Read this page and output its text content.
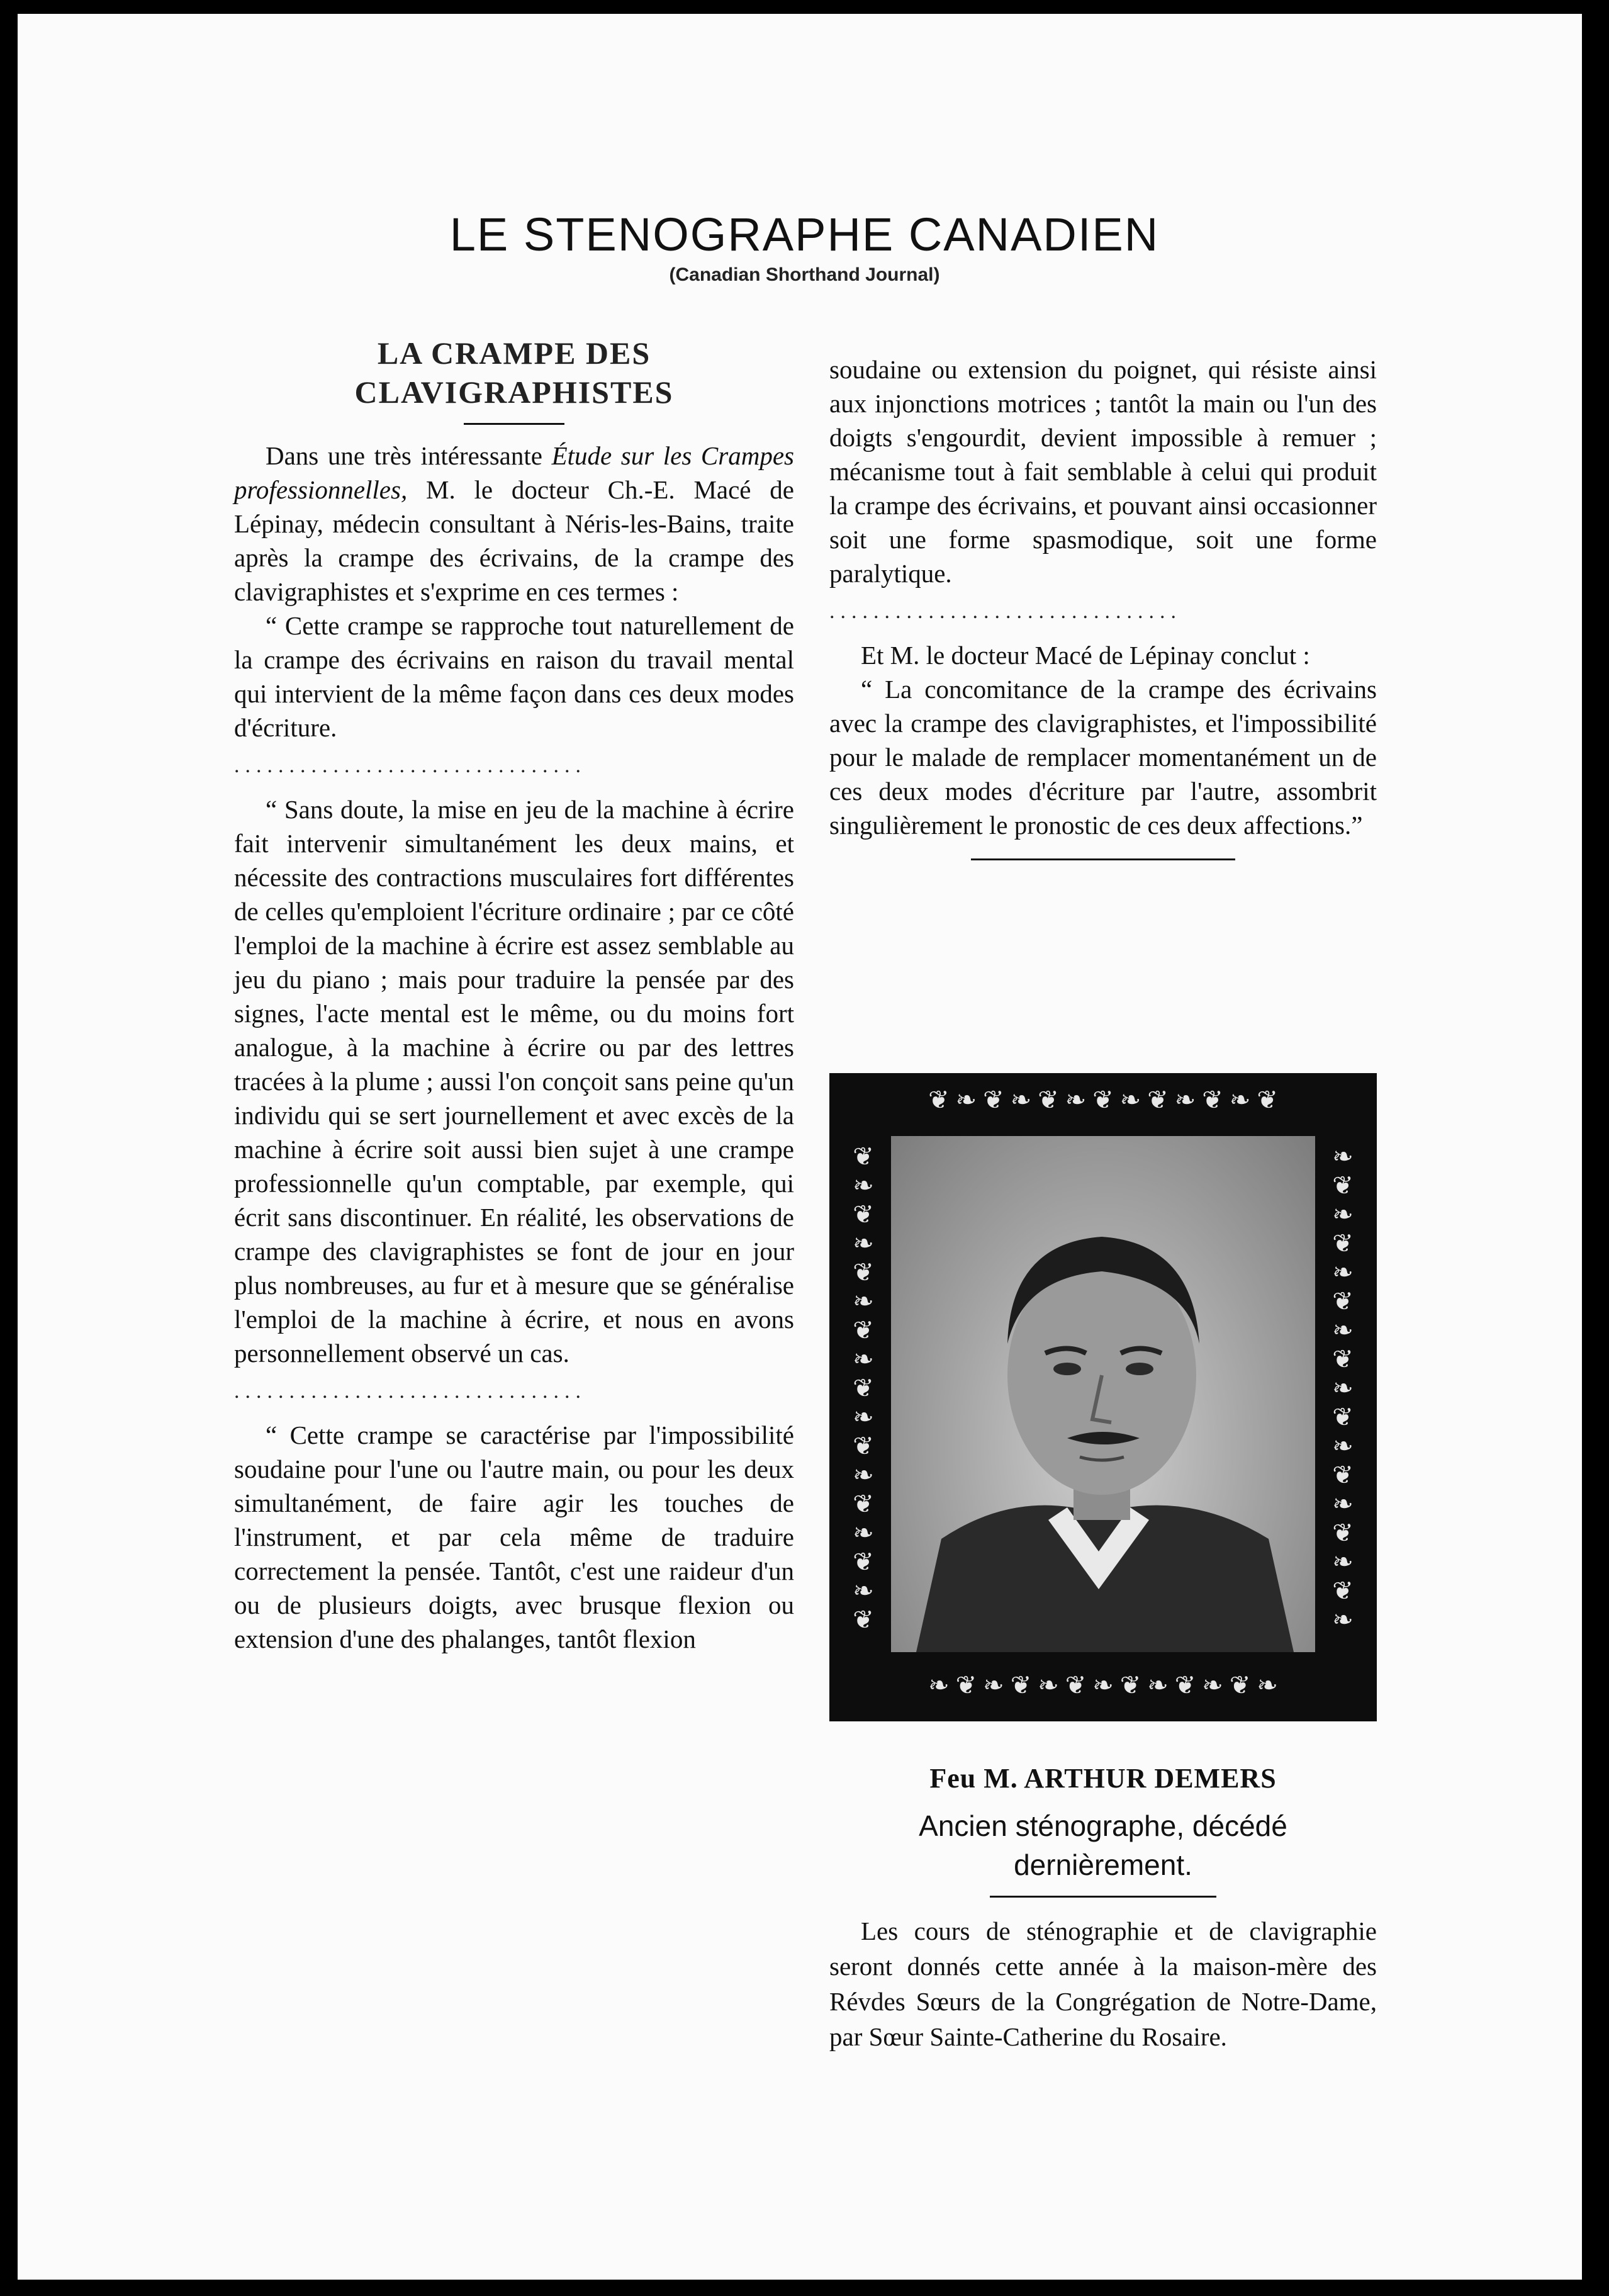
LE STENOGRAPHE CANADIEN
(Canadian Shorthand Journal)
LA CRAMPE DES CLAVIGRAPHISTES

Dans une très intéressante Étude sur les Crampes professionnelles, M. le docteur Ch.-E. Macé de Lépinay, médecin consultant à Néris-les-Bains, traite après la crampe des écrivains, de la crampe des clavigraphistes et s'exprime en ces termes :

“ Cette crampe se rapproche tout naturellement de la crampe des écrivains en raison du travail mental qui intervient de la même façon dans ces deux modes d'écriture.

................................

“ Sans doute, la mise en jeu de la machine à écrire fait intervenir simultanément les deux mains, et nécessite des contractions musculaires fort différentes de celles qu'emploient l'écriture ordinaire ; par ce côté l'emploi de la machine à écrire est assez semblable au jeu du piano ; mais pour traduire la pensée par des signes, l'acte mental est le même, ou du moins fort analogue, à la machine à écrire ou par des lettres tracées à la plume ; aussi l'on conçoit sans peine qu'un individu qui se sert journellement et avec excès de la machine à écrire soit aussi bien sujet à une crampe professionnelle qu'un comptable, par exemple, qui écrit sans discontinuer. En réalité, les observations de crampe des clavigraphistes se font de jour en jour plus nombreuses, au fur et à mesure que se généralise l'emploi de la machine à écrire, et nous en avons personnellement observé un cas.

................................

“ Cette crampe se caractérise par l'impossibilité soudaine pour l'une ou l'autre main, ou pour les deux simultanément, de faire agir les touches de l'instrument, et par cela même de traduire correctement la pensée. Tantôt, c'est une raideur d'un ou de plusieurs doigts, avec brusque flexion ou extension d'une des phalanges, tantôt flexion

soudaine ou extension du poignet, qui résiste ainsi aux injonctions motrices ; tantôt la main ou l'un des doigts s'engourdit, devient impossible à remuer ; mécanisme tout à fait semblable à celui qui produit la crampe des écrivains, et pouvant ainsi occasionner soit une forme spasmodique, soit une forme paralytique.

................................

Et M. le docteur Macé de Lépinay conclut :

“ La concomitance de la crampe des écrivains avec la crampe des clavigraphistes, et l'impossibilité pour le malade de remplacer momentanément un de ces deux modes d'écriture par l'autre, assombrit singulièrement le pronostic de ces deux affections.”

❦ ❧ ❦ ❧ ❦ ❧ ❦ ❧ ❦ ❧ ❦ ❧ ❦
❦
❧
❦
❧
❦
❧
❦
❧
❦
❧
❦
❧
❦
❧
❦
❧
❦
❧
❦
❧
❦
❧
❦
❧
❦
❧
❦
❧
❦
❧
❦
❧
❦
❧
❧ ❦ ❧ ❦ ❧ ❦ ❧ ❦ ❧ ❦ ❧ ❦ ❧
Feu M. ARTHUR DEMERS
Ancien sténographe, décédé dernièrement.

Les cours de sténographie et de clavigraphie seront donnés cette année à la maison-mère des Révdes Sœurs de la Congrégation de Notre-Dame, par Sœur Sainte-Catherine du Rosaire.
